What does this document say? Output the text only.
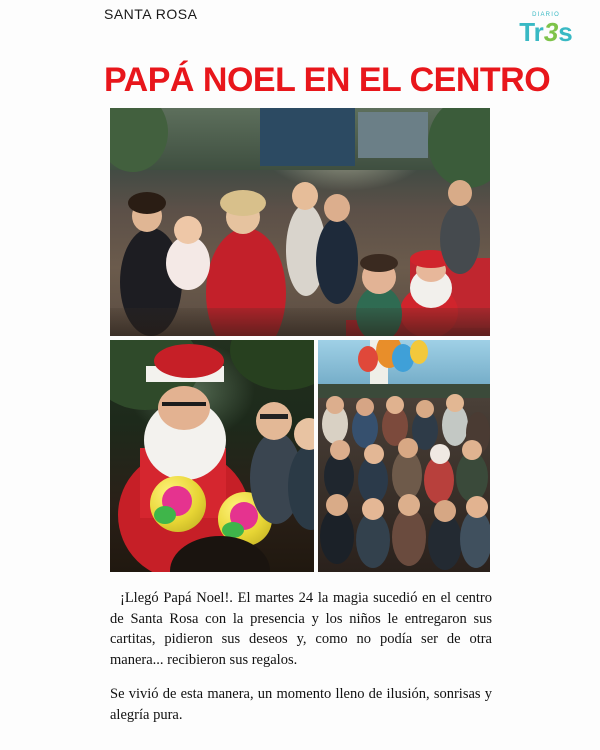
SANTA ROSA
PAPÁ NOEL EN EL CENTRO
DIARIO
Tr3s

¡Llegó Papá Noel!. El martes 24 la magia sucedió en el centro de Santa Rosa con la presencia y los niños le entregaron sus cartitas, pidieron sus deseos y, como no podía ser de otra manera... recibieron sus regalos.

Se vivió de esta manera, un momento lleno de ilusión, sonrisas y alegría pura.
